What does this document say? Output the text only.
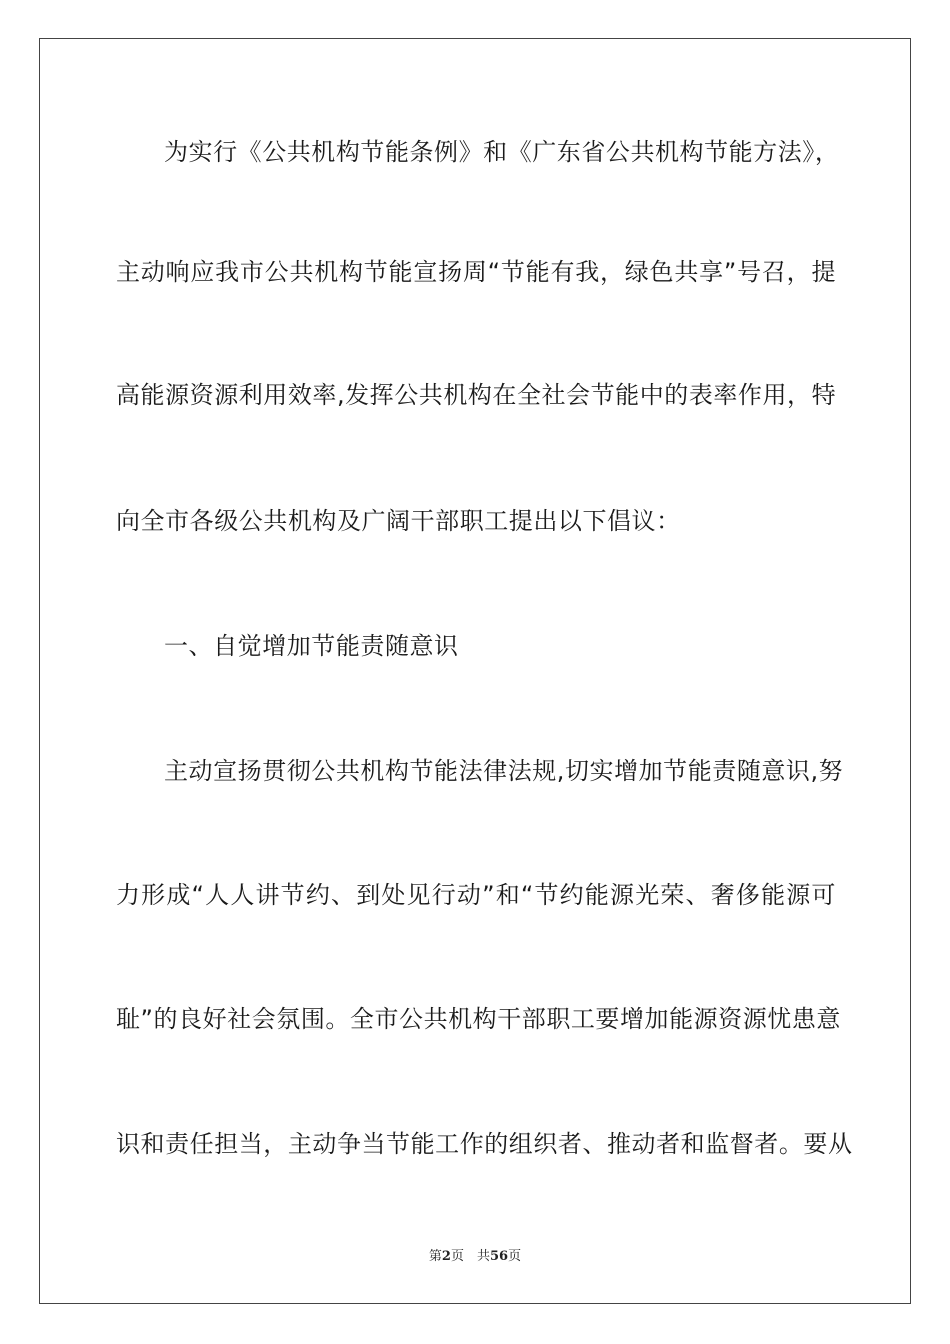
为实行《公共机构节能条例》和《广东省公共机构节能方法》，
主动响应我市公共机构节能宣扬周“节能有我，绿色共享”号召，提
高能源资源利用效率,发挥公共机构在全社会节能中的表率作用，特
向全市各级公共机构及广阔干部职工提出以下倡议：
一、自觉增加节能责随意识
主动宣扬贯彻公共机构节能法律法规,切实增加节能责随意识,努
力形成“人人讲节约、到处见行动”和“节约能源光荣、奢侈能源可
耻”的良好社会氛围。全市公共机构干部职工要增加能源资源忧患意
识和责任担当，主动争当节能工作的组织者、推动者和监督者。要从
第2页　共56页
